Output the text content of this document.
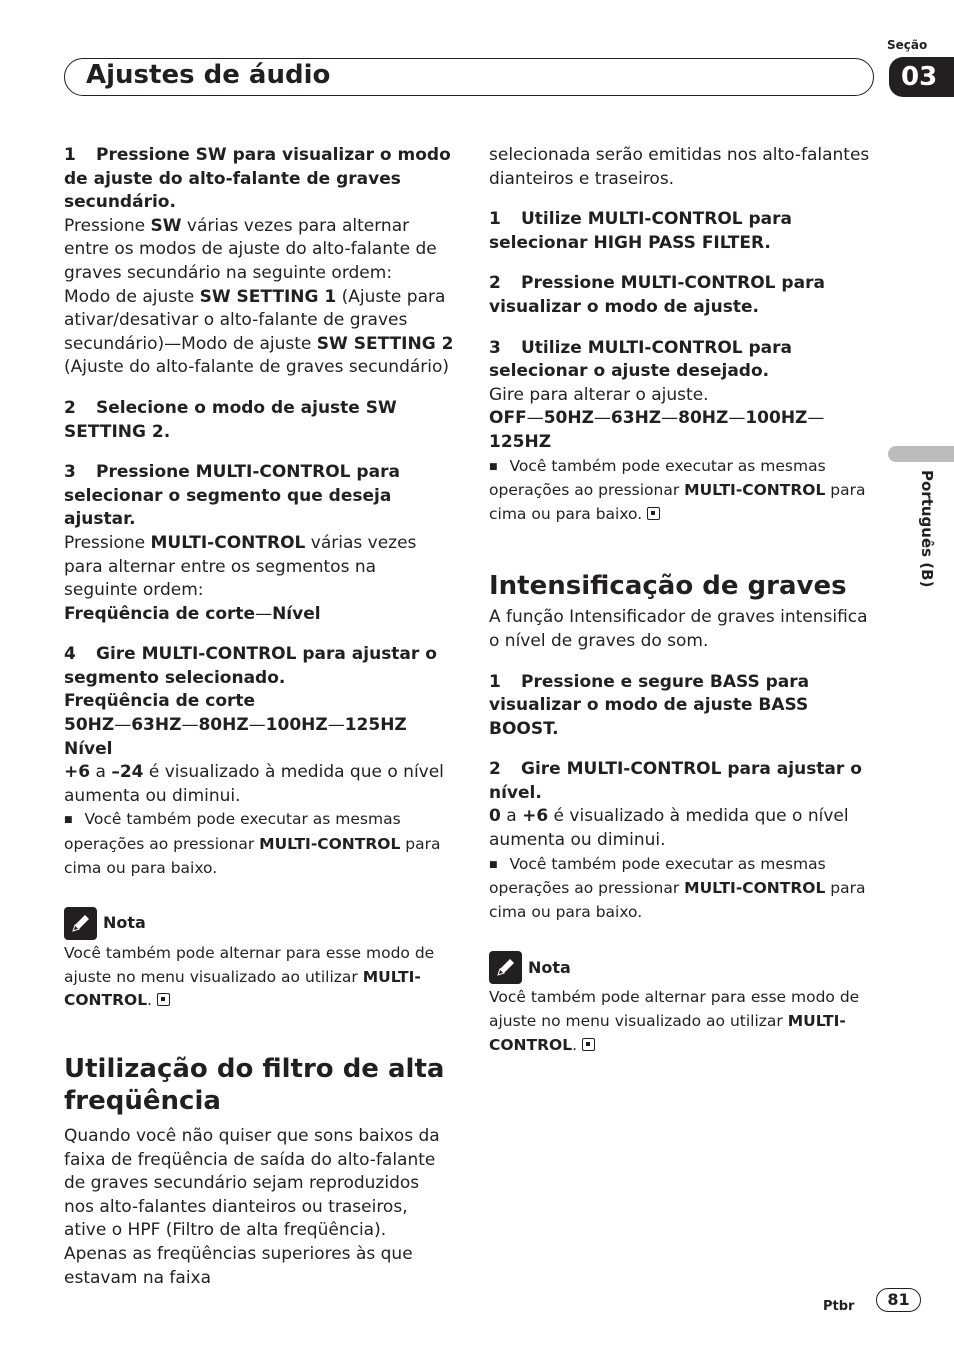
Seção
Ajustes de áudio	03
Português (B)

1 Pressione SW para visualizar o modo de ajuste do alto-falante de graves secundário.

Pressione SW várias vezes para alternar entre os modos de ajuste do alto-falante de graves secundário na seguinte ordem:

Modo de ajuste SW SETTING 1 (Ajuste para ativar/desativar o alto-falante de graves secundário)—Modo de ajuste SW SETTING 2 (Ajuste do alto-falante de graves secundário)

2 Selecione o modo de ajuste SW SETTING 2.

3 Pressione MULTI-CONTROL para selecionar o segmento que deseja ajustar.

Pressione MULTI-CONTROL várias vezes para alternar entre os segmentos na seguinte ordem:

Freqüência de corte—Nível

4 Gire MULTI-CONTROL para ajustar o segmento selecionado.

Freqüência de corte

50HZ—63HZ—80HZ—100HZ—125HZ

Nível

+6 a –24 é visualizado à medida que o nível aumenta ou diminui.

■ Você também pode executar as mesmas operações ao pressionar MULTI-CONTROL para cima ou para baixo.

Nota

Você também pode alternar para esse modo de ajuste no menu visualizado ao utilizar MULTI-CONTROL.

Utilização do filtro de alta freqüência

Quando você não quiser que sons baixos da faixa de freqüência de saída do alto-falante de graves secundário sejam reproduzidos nos alto-falantes dianteiros ou traseiros, ative o HPF (Filtro de alta freqüência). Apenas as freqüências superiores às que estavam na faixa

selecionada serão emitidas nos alto-falantes dianteiros e traseiros.

1 Utilize MULTI-CONTROL para selecionar HIGH PASS FILTER.

2 Pressione MULTI-CONTROL para visualizar o modo de ajuste.

3 Utilize MULTI-CONTROL para selecionar o ajuste desejado.

Gire para alterar o ajuste.

OFF—50HZ—63HZ—80HZ—100HZ—125HZ

■ Você também pode executar as mesmas operações ao pressionar MULTI-CONTROL para cima ou para baixo.

Intensificação de graves

A função Intensificador de graves intensifica o nível de graves do som.

1 Pressione e segure BASS para visualizar o modo de ajuste BASS BOOST.

2 Gire MULTI-CONTROL para ajustar o nível.

0 a +6 é visualizado à medida que o nível aumenta ou diminui.

■ Você também pode executar as mesmas operações ao pressionar MULTI-CONTROL para cima ou para baixo.

Nota

Você também pode alternar para esse modo de ajuste no menu visualizado ao utilizar MULTI-CONTROL.

Ptbr	81
